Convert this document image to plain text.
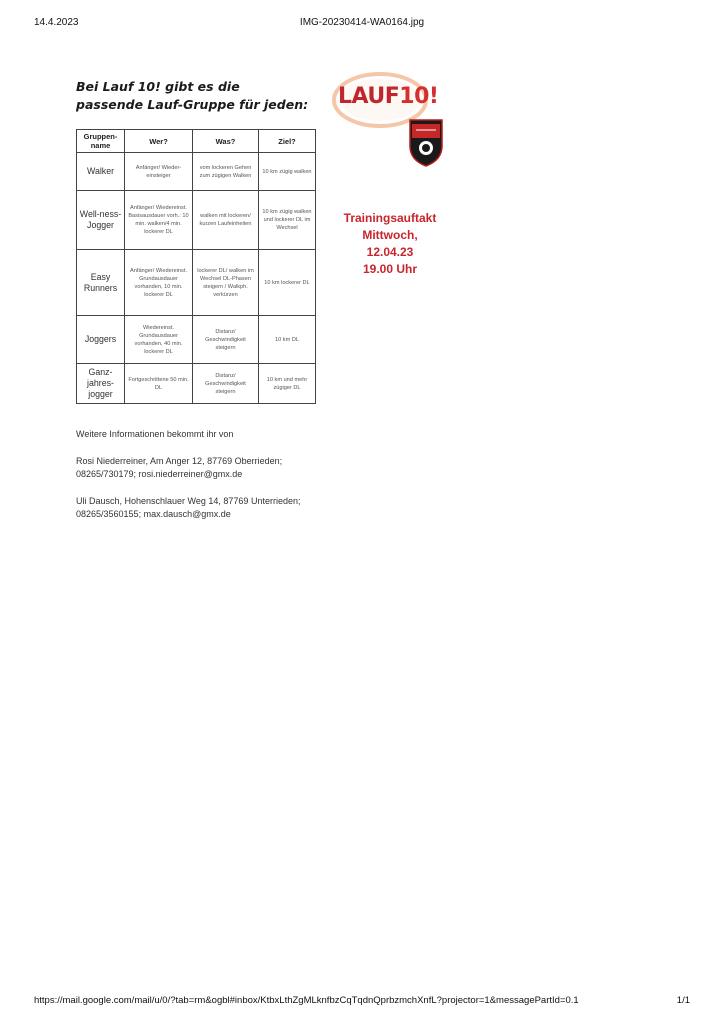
14.4.2023	IMG-20230414-WA0164.jpg
Bei Lauf 10! gibt es die
passende Lauf-Gruppe für jeden:
Gruppen-name	Wer?	Was?	Ziel?
Walker	Anfänger/ Wieder-einsteiger	vom lockeren Gehen zum zügigen Walken	10 km zügig walken
Well-ness-Jogger	Anfänger/ Wiedereinst. Basisausdauer vorh.: 10 min. walken/4 min. lockerer DL	walken mit lockeren/ kurzen Laufeinheiten	10 km zügig walken und lockerer DL im Wechsel
Easy Runners	Anfänger/ Wiedereinst. Grundausdauer vorhanden, 10 min. lockerer DL	lockerer DL/ walken im Wechsel DL-Phasen steigern / Walkph. verkürzen	10 km lockerer DL
Joggers	Wiedereinst. Grundausdauer vorhanden, 40 min. lockerer DL	Distanz/ Geschwindigkeit steigern	10 km DL
Ganz-jahres-jogger	Fortgeschrittene 50 min. DL	Distanz/ Geschwindigkeit steigern	10 km und mehr zügiger DL
LAUF10!
Trainingsauftakt
Mittwoch,
12.04.23
19.00 Uhr

Weitere Informationen bekommt ihr von

Rosi Niederreiner, Am Anger 12, 87769 Oberrieden; 08265/730179; rosi.niederreiner@gmx.de

Uli Dausch, Hohenschlauer Weg 14, 87769 Unterrieden; 08265/3560155; max.dausch@gmx.de

https://mail.google.com/mail/u/0/?tab=rm&ogbl#inbox/KtbxLthZgMLknfbzCqTqdnQprbzmchXnfL?projector=1&messagePartId=0.1	1/1
